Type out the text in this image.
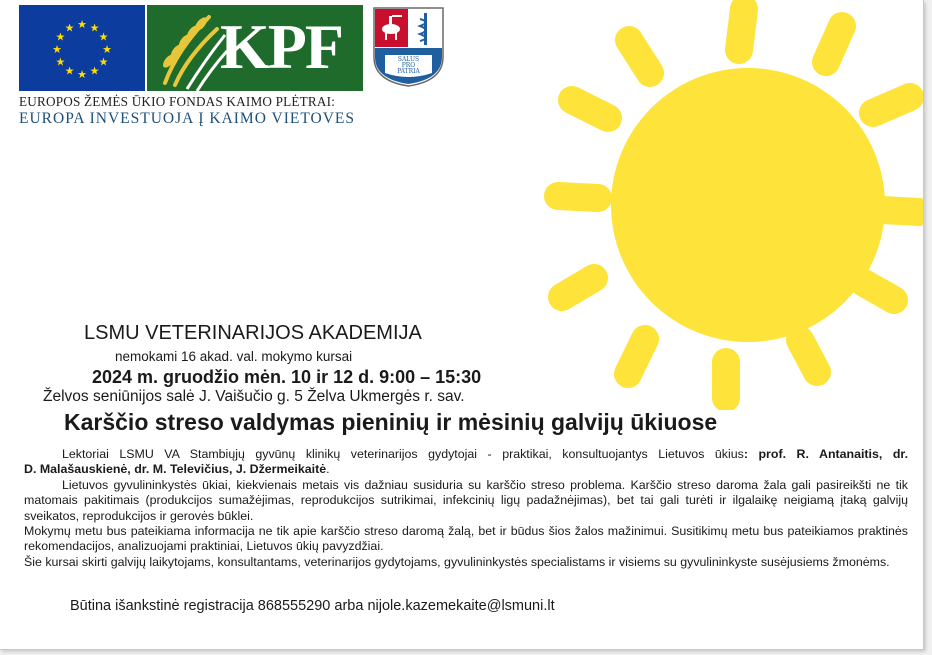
★ ★
★
★
★
★
★
★
★
★
★
★ KPF	SALUS
PRO
PATRIA
EUROPOS ŽEMĖS ŪKIO FONDAS KAIMO PLĖTRAI:
EUROPA INVESTUOJA Į KAIMO VIETOVES
LSMU VETERINARIJOS AKADEMIJA
nemokami 16 akad. val. mokymo kursai
2024 m. gruodžio mėn. 10 ir 12 d. 9:00 – 15:30
Želvos seniūnijos salė J. Vaišučio g. 5 Želva Ukmergės r. sav.
Karščio streso valdymas pieninių ir mėsinių galvijų ūkiuose

Lektoriai LSMU VA Stambiųjų gyvūnų klinikų veterinarijos gydytojai - praktikai, konsultuojantys Lietuvos ūkius: prof. R. Antanaitis, dr.

D. Malašauskienė, dr. M. Televičius, J. Džermeikaitė.

Lietuvos gyvulininkystės ūkiai, kiekvienais metais vis dažniau susiduria su karščio streso problema. Karščio streso daroma žala gali pasireikšti ne tik matomais pakitimais (produkcijos sumažėjimas, reprodukcijos sutrikimai, infekcinių ligų padažnėjimas), bet tai gali turėti ir ilgalaikę neigiamą įtaką galvijų sveikatos, reprodukcijos ir gerovės būklei.

Mokymų metu bus pateikiama informacija ne tik apie karščio streso daromą žalą, bet ir būdus šios žalos mažinimui. Susitikimų metu bus pateikiamos praktinės rekomendacijos, analizuojami praktiniai, Lietuvos ūkių pavyzdžiai.

Šie kursai skirti galvijų laikytojams, konsultantams, veterinarijos gydytojams, gyvulininkystės specialistams ir visiems su gyvulininkyste susėjusiems žmonėms.

Būtina išankstinė registracija 868555290 arba nijole.kazemekaite@lsmuni.lt
